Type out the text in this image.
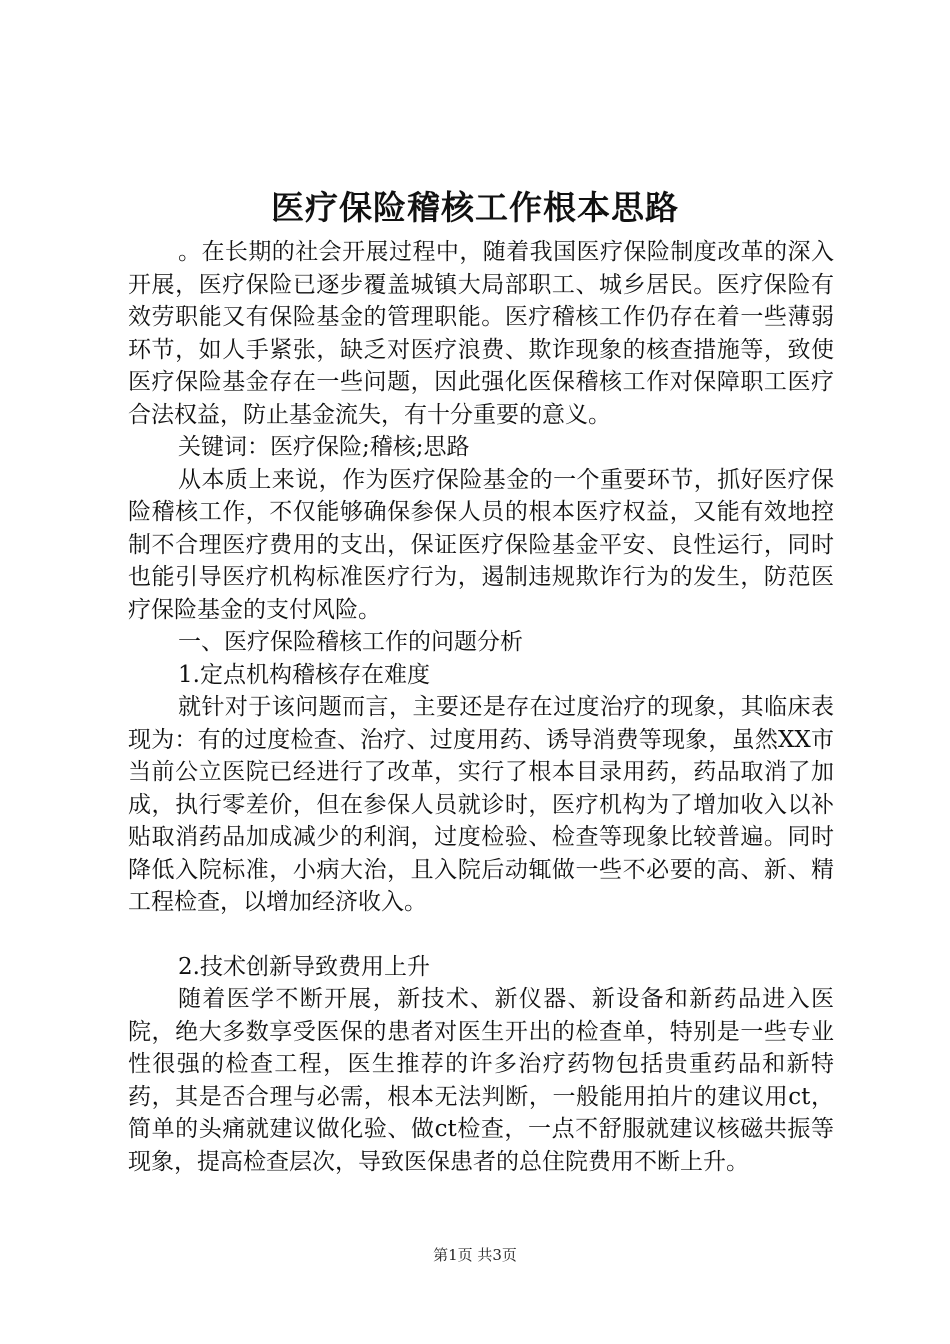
医疗保险稽核工作根本思路

。在长期的社会开展过程中，随着我国医疗保险制度改革的深入开展，医疗保险已逐步覆盖城镇大局部职工、城乡居民。医疗保险有效劳职能又有保险基金的管理职能。医疗稽核工作仍存在着一些薄弱环节，如人手紧张，缺乏对医疗浪费、欺诈现象的核查措施等，致使医疗保险基金存在一些问题，因此强化医保稽核工作对保障职工医疗合法权益，防止基金流失，有十分重要的意义。

关键词：医疗保险;稽核;思路

从本质上来说，作为医疗保险基金的一个重要环节，抓好医疗保险稽核工作，不仅能够确保参保人员的根本医疗权益，又能有效地控制不合理医疗费用的支出，保证医疗保险基金平安、良性运行，同时也能引导医疗机构标准医疗行为，遏制违规欺诈行为的发生，防范医疗保险基金的支付风险。

一、医疗保险稽核工作的问题分析

1.定点机构稽核存在难度

就针对于该问题而言，主要还是存在过度治疗的现象，其临床表现为：有的过度检查、治疗、过度用药、诱导消费等现象，虽然XX市当前公立医院已经进行了改革，实行了根本目录用药，药品取消了加成，执行零差价，但在参保人员就诊时，医疗机构为了增加收入以补贴取消药品加成减少的利润，过度检验、检查等现象比较普遍。同时降低入院标准，小病大治，且入院后动辄做一些不必要的高、新、精工程检查，以增加经济收入。

2.技术创新导致费用上升

随着医学不断开展，新技术、新仪器、新设备和新药品进入医院，绝大多数享受医保的患者对医生开出的检查单，特别是一些专业性很强的检查工程，医生推荐的许多治疗药物包括贵重药品和新特药，其是否合理与必需，根本无法判断，一般能用拍片的建议用ct，简单的头痛就建议做化验、做ct检查，一点不舒服就建议核磁共振等现象，提高检查层次，导致医保患者的总住院费用不断上升。

第1页 共3页
